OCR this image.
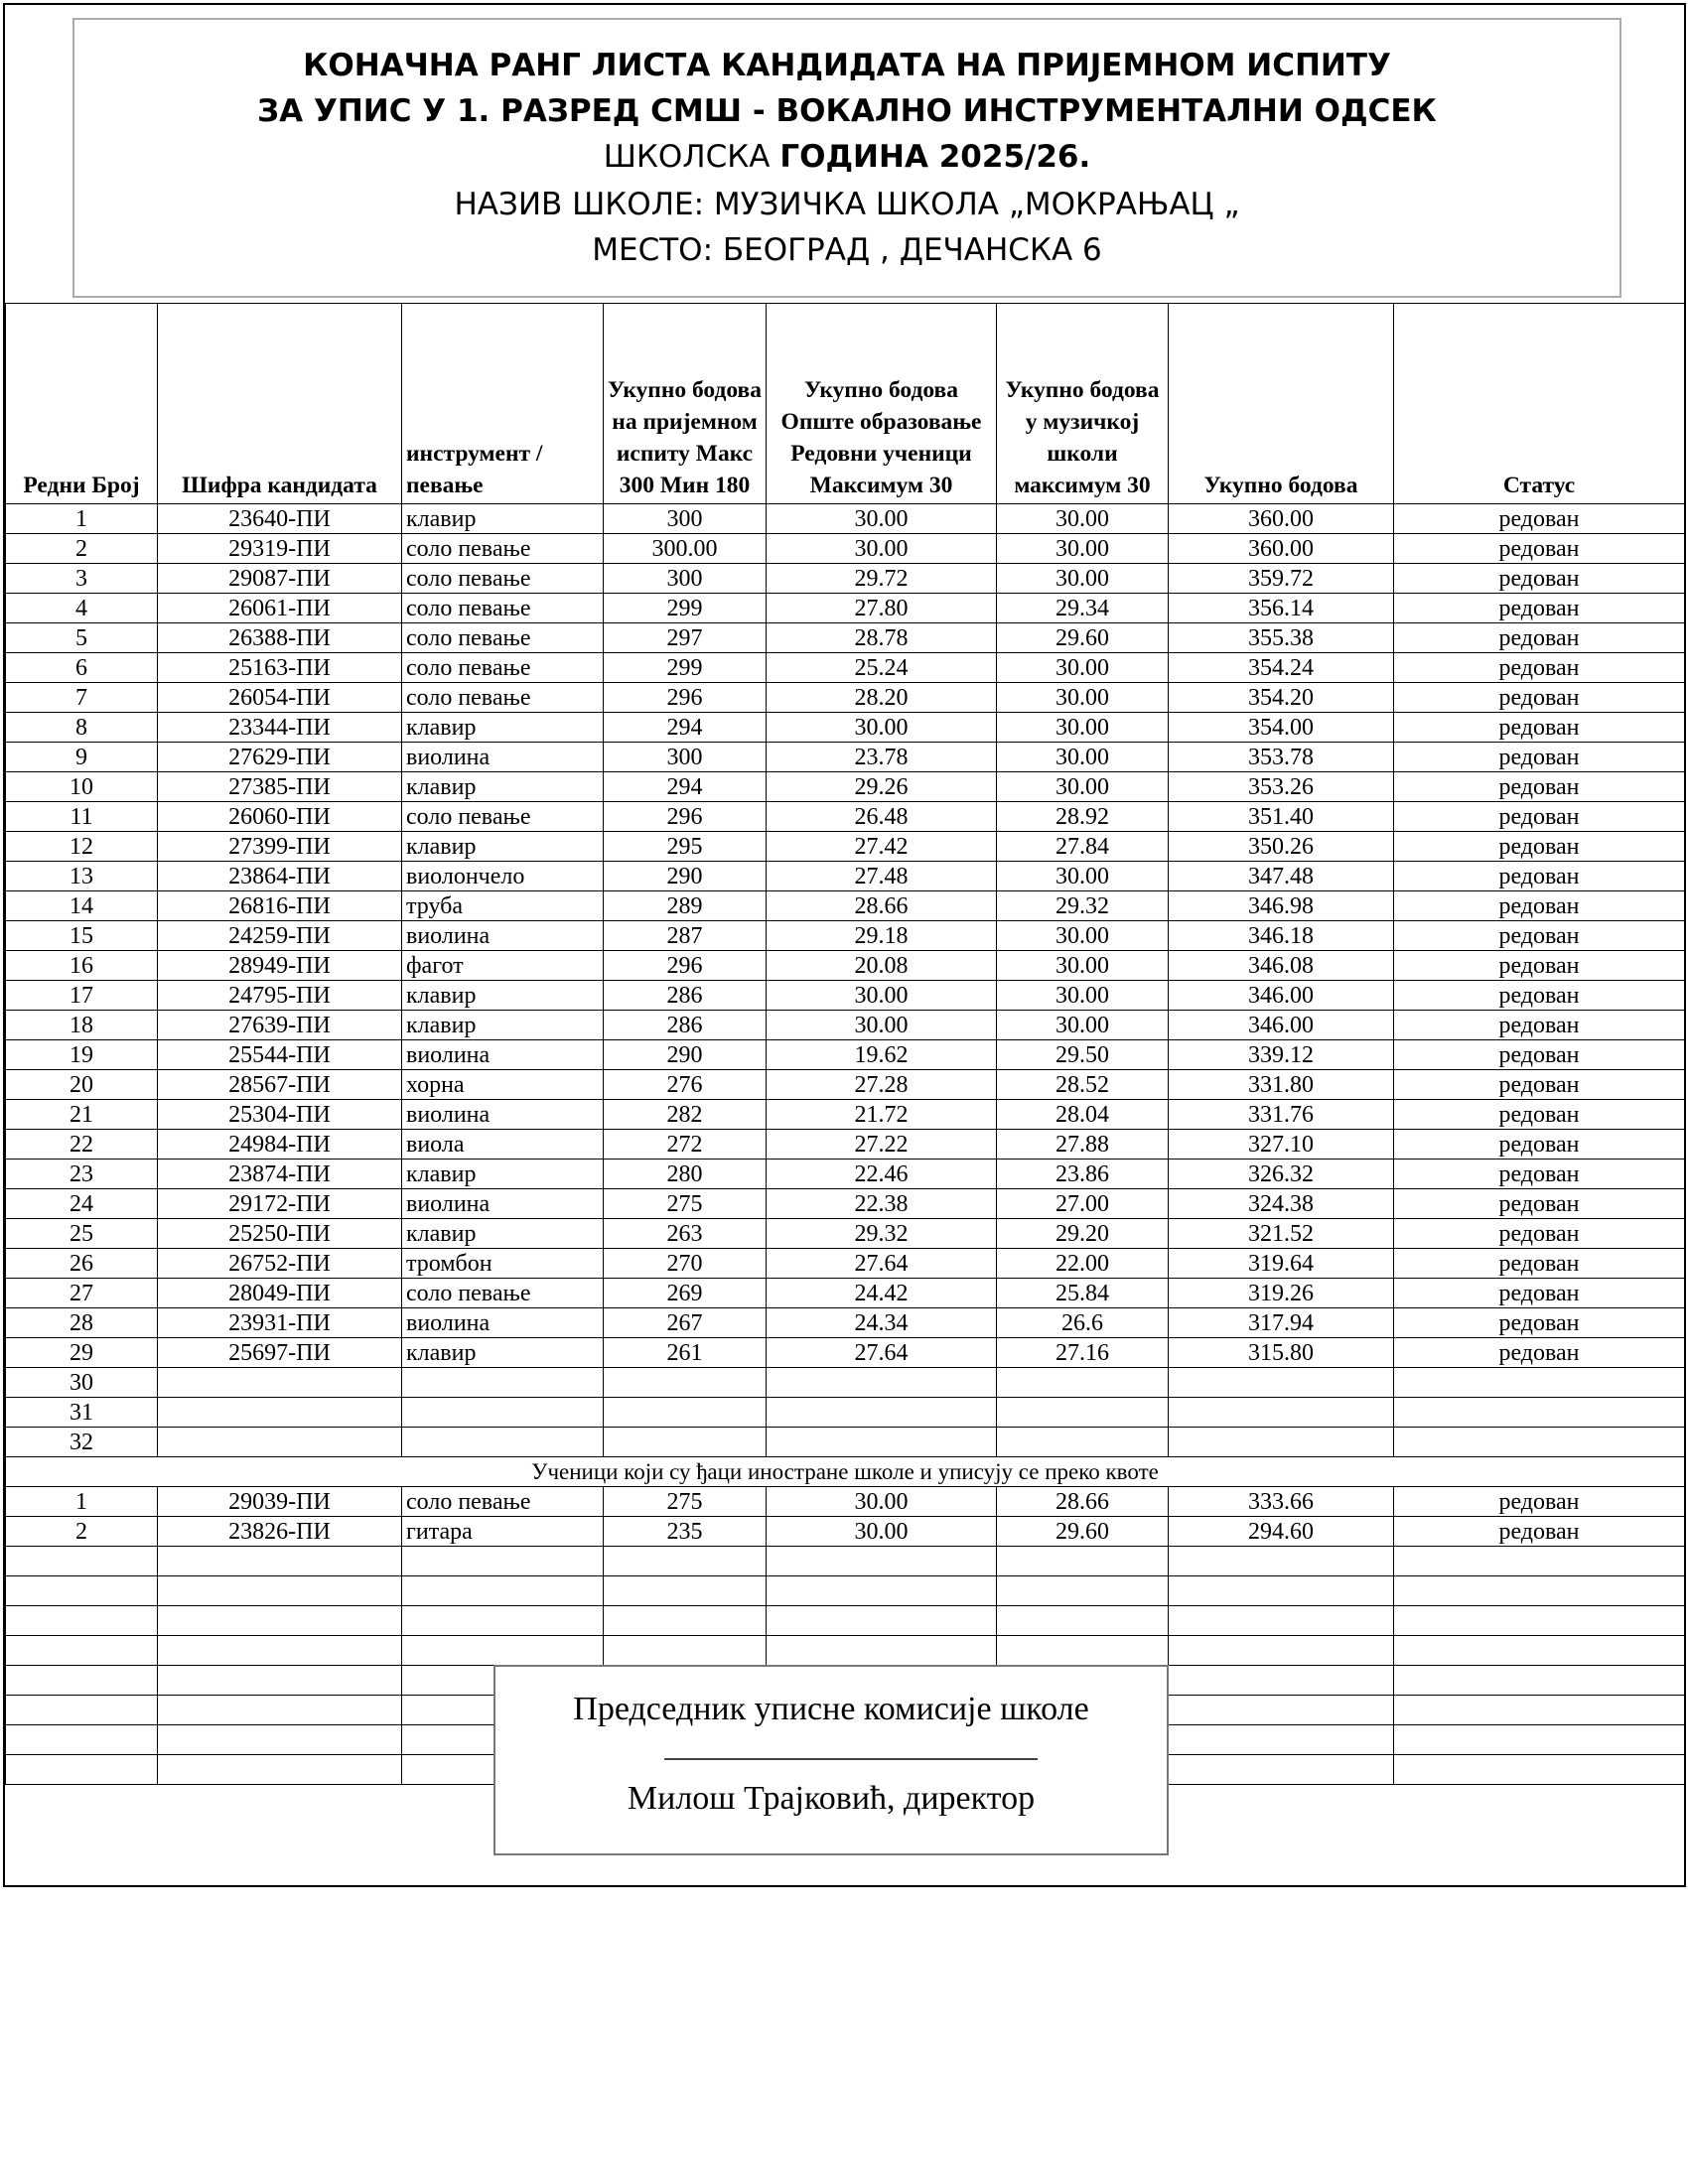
КОНАЧНА РАНГ ЛИСТА КАНДИДАТА НА ПРИЈЕМНОМ ИСПИТУ
ЗА УПИС У 1. РАЗРЕД СМШ - ВОКАЛНО ИНСТРУМЕНТАЛНИ ОДСЕК
ШКОЛСКА ГОДИНА 2025/26.
НАЗИВ ШКОЛЕ: МУЗИЧКА ШКОЛА „МОКРАЊАЦ „
МЕСТО: БЕОГРАД , ДЕЧАНСКА 6
Редни Број	Шифра кандидата	инструмент /певање	Укупно бодова на пријемном испиту Макс 300 Мин 180	Укупно бодова Опште образовање Редовни ученици Максимум 30	Укупно бодова у музичкој школи максимум 30	Укупно бодова	Статус
1	23640-ПИ	клавир	300	30.00	30.00	360.00	редован
2	29319-ПИ	соло певање	300.00	30.00	30.00	360.00	редован
3	29087-ПИ	соло певање	300	29.72	30.00	359.72	редован
4	26061-ПИ	соло певање	299	27.80	29.34	356.14	редован
5	26388-ПИ	соло певање	297	28.78	29.60	355.38	редован
6	25163-ПИ	соло певање	299	25.24	30.00	354.24	редован
7	26054-ПИ	соло певање	296	28.20	30.00	354.20	редован
8	23344-ПИ	клавир	294	30.00	30.00	354.00	редован
9	27629-ПИ	виолина	300	23.78	30.00	353.78	редован
10	27385-ПИ	клавир	294	29.26	30.00	353.26	редован
11	26060-ПИ	соло певање	296	26.48	28.92	351.40	редован
12	27399-ПИ	клавир	295	27.42	27.84	350.26	редован
13	23864-ПИ	виолончело	290	27.48	30.00	347.48	редован
14	26816-ПИ	труба	289	28.66	29.32	346.98	редован
15	24259-ПИ	виолина	287	29.18	30.00	346.18	редован
16	28949-ПИ	фагот	296	20.08	30.00	346.08	редован
17	24795-ПИ	клавир	286	30.00	30.00	346.00	редован
18	27639-ПИ	клавир	286	30.00	30.00	346.00	редован
19	25544-ПИ	виолина	290	19.62	29.50	339.12	редован
20	28567-ПИ	хорна	276	27.28	28.52	331.80	редован
21	25304-ПИ	виолина	282	21.72	28.04	331.76	редован
22	24984-ПИ	виола	272	27.22	27.88	327.10	редован
23	23874-ПИ	клавир	280	22.46	23.86	326.32	редован
24	29172-ПИ	виолина	275	22.38	27.00	324.38	редован
25	25250-ПИ	клавир	263	29.32	29.20	321.52	редован
26	26752-ПИ	тромбон	270	27.64	22.00	319.64	редован
27	28049-ПИ	соло певање	269	24.42	25.84	319.26	редован
28	23931-ПИ	виолина	267	24.34	26.6	317.94	редован
29	25697-ПИ	клавир	261	27.64	27.16	315.80	редован
30							
31							
32							
Ученици који су ђаци иностране школе и уписују се преко квоте							
1	29039-ПИ	соло певање	275	30.00	28.66	333.66	редован
2	23826-ПИ	гитара	235	30.00	29.60	294.60	редован

Председник уписне комисије школе
Милош Трајковић, директор
